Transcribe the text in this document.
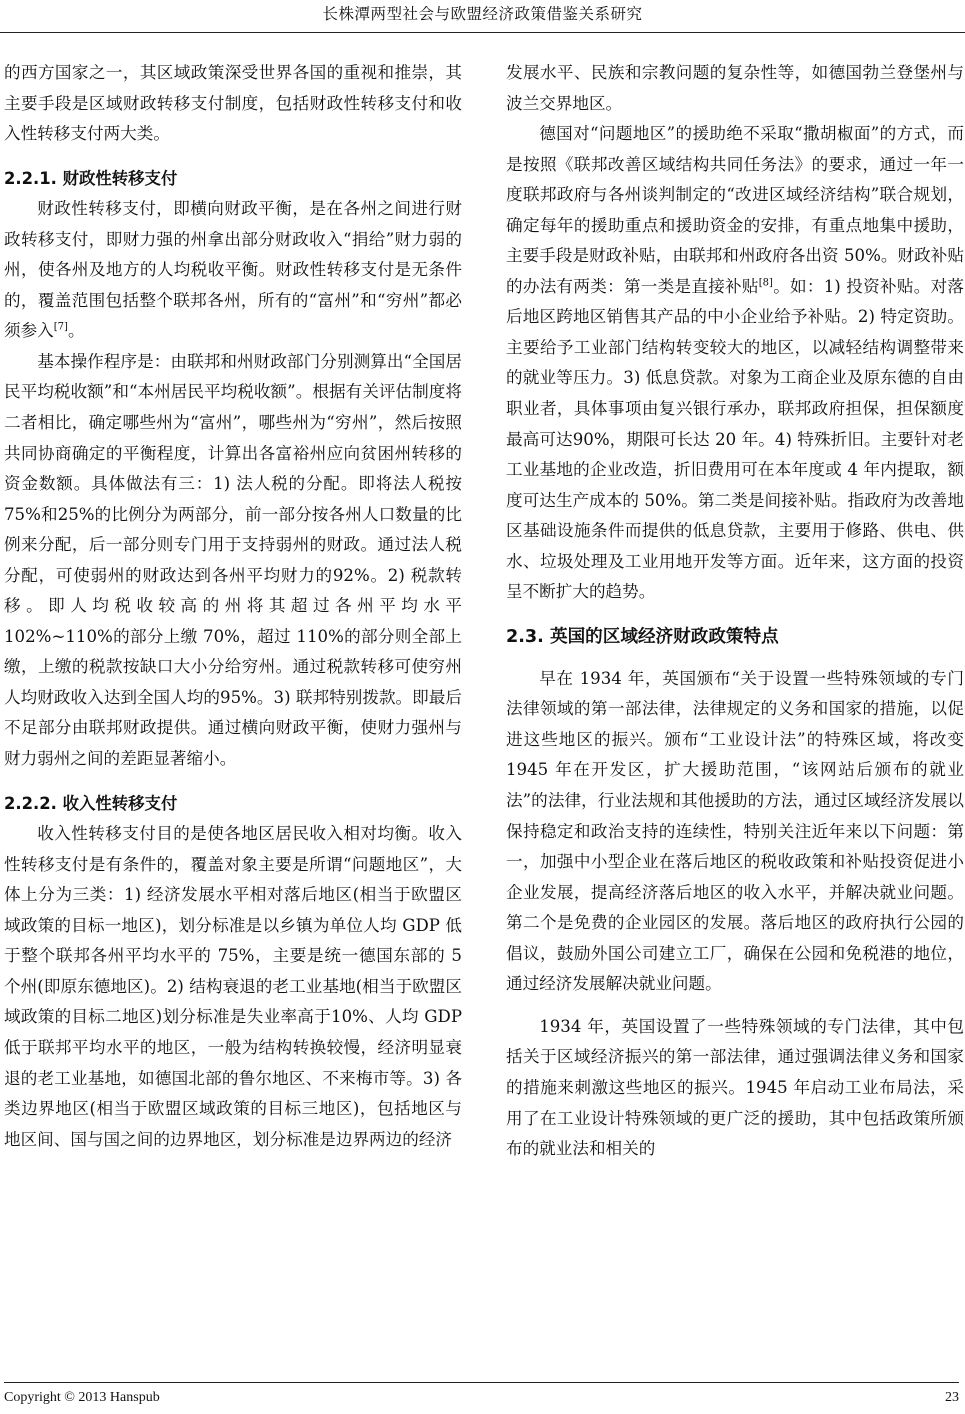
长株潭两型社会与欧盟经济政策借鉴关系研究

的西方国家之一，其区域政策深受世界各国的重视和推崇，其主要手段是区域财政转移支付制度，包括财政性转移支付和收入性转移支付两大类。

2.2.1. 财政性转移支付

财政性转移支付，即横向财政平衡，是在各州之间进行财政转移支付，即财力强的州拿出部分财政收入“捐给”财力弱的州，使各州及地方的人均税收平衡。财政性转移支付是无条件的，覆盖范围包括整个联邦各州，所有的“富州”和“穷州”都必须参入[7]。

基本操作程序是：由联邦和州财政部门分别测算出“全国居民平均税收额”和“本州居民平均税收额”。根据有关评估制度将二者相比，确定哪些州为“富州”，哪些州为“穷州”，然后按照共同协商确定的平衡程度，计算出各富裕州应向贫困州转移的资金数额。具体做法有三：1) 法人税的分配。即将法人税按75%和25%的比例分为两部分，前一部分按各州人口数量的比例来分配，后一部分则专门用于支持弱州的财政。通过法人税分配，可使弱州的财政达到各州平均财力的92%。2) 税款转移。即人均税收较高的州将其超过各州平均水平 102%~110%的部分上缴 70%，超过 110%的部分则全部上缴，上缴的税款按缺口大小分给穷州。通过税款转移可使穷州人均财政收入达到全国人均的95%。3) 联邦特别拨款。即最后不足部分由联邦财政提供。通过横向财政平衡，使财力强州与财力弱州之间的差距显著缩小。

2.2.2. 收入性转移支付

收入性转移支付目的是使各地区居民收入相对均衡。收入性转移支付是有条件的，覆盖对象主要是所谓“问题地区”，大体上分为三类：1) 经济发展水平相对落后地区(相当于欧盟区域政策的目标一地区)，划分标准是以乡镇为单位人均 GDP 低于整个联邦各州平均水平的 75%，主要是统一德国东部的 5 个州(即原东德地区)。2) 结构衰退的老工业基地(相当于欧盟区域政策的目标二地区)划分标准是失业率高于10%、人均 GDP 低于联邦平均水平的地区，一般为结构转换较慢，经济明显衰退的老工业基地，如德国北部的鲁尔地区、不来梅市等。3) 各类边界地区(相当于欧盟区域政策的目标三地区)，包括地区与地区间、国与国之间的边界地区，划分标准是边界两边的经济

发展水平、民族和宗教问题的复杂性等，如德国勃兰登堡州与波兰交界地区。

德国对“问题地区”的援助绝不采取“撒胡椒面”的方式，而是按照《联邦改善区域结构共同任务法》的要求，通过一年一度联邦政府与各州谈判制定的“改进区域经济结构”联合规划，确定每年的援助重点和援助资金的安排，有重点地集中援助，主要手段是财政补贴，由联邦和州政府各出资 50%。财政补贴的办法有两类：第一类是直接补贴[8]。如：1) 投资补贴。对落后地区跨地区销售其产品的中小企业给予补贴。2) 特定资助。主要给予工业部门结构转变较大的地区，以减轻结构调整带来的就业等压力。3) 低息贷款。对象为工商企业及原东德的自由职业者，具体事项由复兴银行承办，联邦政府担保，担保额度最高可达90%，期限可长达 20 年。4) 特殊折旧。主要针对老工业基地的企业改造，折旧费用可在本年度或 4 年内提取，额度可达生产成本的 50%。第二类是间接补贴。指政府为改善地区基础设施条件而提供的低息贷款，主要用于修路、供电、供水、垃圾处理及工业用地开发等方面。近年来，这方面的投资呈不断扩大的趋势。

2.3. 英国的区域经济财政政策特点

早在 1934 年，英国颁布“关于设置一些特殊领域的专门法律领域的第一部法律，法律规定的义务和国家的措施，以促进这些地区的振兴。颁布“工业设计法”的特殊区域，将改变 1945 年在开发区，扩大援助范围，“该网站后颁布的就业法”的法律，行业法规和其他援助的方法，通过区域经济发展以保持稳定和政治支持的连续性，特别关注近年来以下问题：第一，加强中小型企业在落后地区的税收政策和补贴投资促进小企业发展，提高经济落后地区的收入水平，并解决就业问题。第二个是免费的企业园区的发展。落后地区的政府执行公园的倡议，鼓励外国公司建立工厂，确保在公园和免税港的地位，通过经济发展解决就业问题。

1934 年，英国设置了一些特殊领域的专门法律，其中包括关于区域经济振兴的第一部法律，通过强调法律义务和国家的措施来刺激这些地区的振兴。1945 年启动工业布局法，采用了在工业设计特殊领域的更广泛的援助，其中包括政策所颁布的就业法和相关的

Copyright © 2013 Hanspub	23
